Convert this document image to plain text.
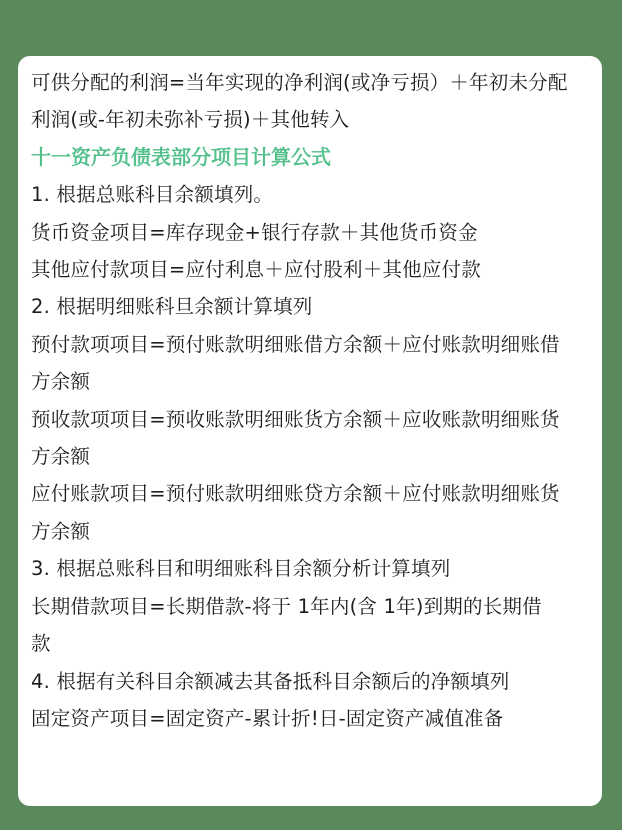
可供分配的利润=当年实现的净利润(或净亏损）＋年初未分配
利润(或-年初未弥补亏损)＋其他转入
十一资产负债表部分项目计算公式
1. 根据总账科目余额填列。
货币资金项目=库存现金+银行存款＋其他货币资金
其他应付款项目=应付利息＋应付股利＋其他应付款
2. 根据明细账科旦余额计算填列
预付款项项目=预付账款明细账借方余额＋应付账款明细账借
方余额
预收款项项目=预收账款明细账货方余额＋应收账款明细账货
方余额
应付账款项目=预付账款明细账贷方余额＋应付账款明细账货
方余额
3. 根据总账科目和明细账科目余额分析计算填列
长期借款项目=长期借款-将于 1年内(含 1年)到期的长期借
款
4. 根据有关科目余额减去其备抵科目余额后的净额填列
固定资产项目=固定资产-累计折!日-固定资产减值准备
